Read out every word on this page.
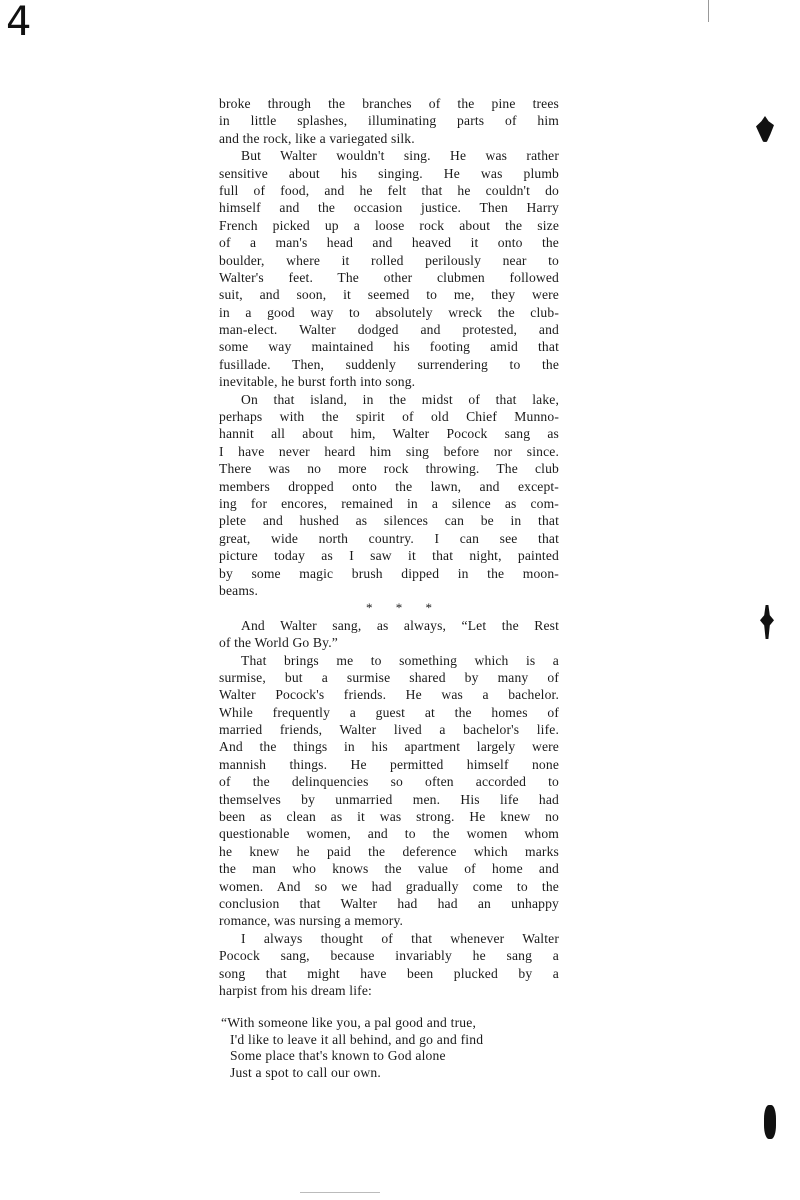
4
broke through the branches of the pine trees
in little splashes, illuminating parts of him
and the rock, like a variegated silk.
But Walter wouldn't sing. He was rather
sensitive about his singing. He was plumb
full of food, and he felt that he couldn't do
himself and the occasion justice. Then Harry
French picked up a loose rock about the size
of a man's head and heaved it onto the
boulder, where it rolled perilously near to
Walter's feet. The other clubmen followed
suit, and soon, it seemed to me, they were
in a good way to absolutely wreck the club-
man-elect. Walter dodged and protested, and
some way maintained his footing amid that
fusillade. Then, suddenly surrendering to the
inevitable, he burst forth into song.
On that island, in the midst of that lake,
perhaps with the spirit of old Chief Munno-
hannit all about him, Walter Pocock sang as
I have never heard him sing before nor since.
There was no more rock throwing. The club
members dropped onto the lawn, and except-
ing for encores, remained in a silence as com-
plete and hushed as silences can be in that
great, wide north country. I can see that
picture today as I saw it that night, painted
by some magic brush dipped in the moon-
beams.
* * *
And Walter sang, as always, “Let the Rest
of the World Go By.”
That brings me to something which is a
surmise, but a surmise shared by many of
Walter Pocock's friends. He was a bachelor.
While frequently a guest at the homes of
married friends, Walter lived a bachelor's life.
And the things in his apartment largely were
mannish things. He permitted himself none
of the delinquencies so often accorded to
themselves by unmarried men. His life had
been as clean as it was strong. He knew no
questionable women, and to the women whom
he knew he paid the deference which marks
the man who knows the value of home and
women. And so we had gradually come to the
conclusion that Walter had had an unhappy
romance, was nursing a memory.
I always thought of that whenever Walter
Pocock sang, because invariably he sang a
song that might have been plucked by a
harpist from his dream life:
“With someone like you, a pal good and true,
I'd like to leave it all behind, and go and find
Some place that's known to God alone
Just a spot to call our own.
